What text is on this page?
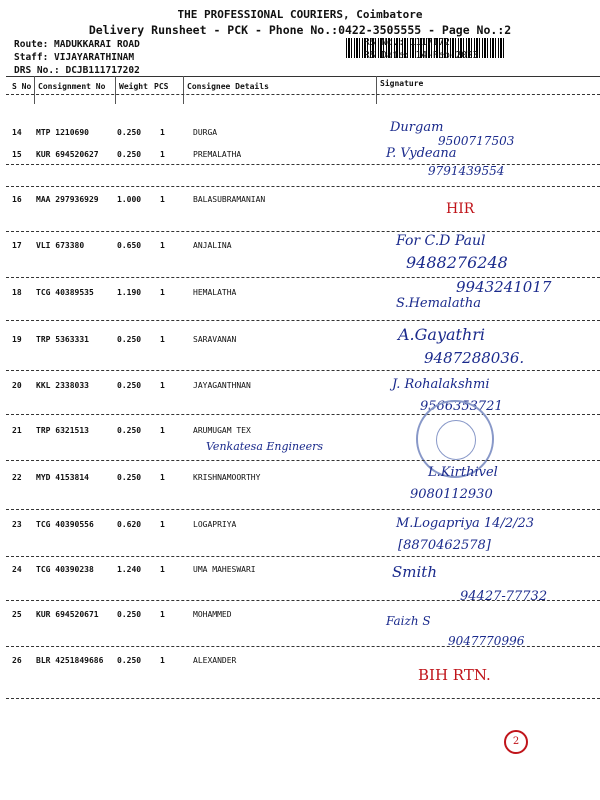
THE PROFESSIONAL COURIERS, Coimbatore
Delivery Runsheet - PCK - Phone No.:0422-3505555 - Page No.:2
Route: MADUKKARAI ROAD
Staff: VIJAYARATHINAM
DRS No.: DCJB111717202
RS No.: 1117172
RS Date: 14-Feb-2023
S No Consignment No Weight PCS Consignee Details	Signature
14 MTP 1210690	0.250 1	DURGA	Durgam
9500717503
15 KUR 694520627 0.250 1	PREMALATHA	P. Vydeana
9791439554
16 MAA 297936929 1.000 1	BALASUBRAMANIAN
HIR
17 VLI 673380	0.650 1	ANJALINA	For C.D Paul
9488276248
18 TCG 40389535	1.190 1	HEMALATHA	9943241017
S.Hemalatha
19 TRP 5363331	0.250 1	SARAVANAN	A.Gayathri
9487288036.
20 KKL 2338033	0.250 1	JAYAGANTHNAN	J. Rohalakshmi
9566353721
21 TRP 6321513	0.250 1	ARUMUGAM TEX
Venkatesa Engineers
22 MYD 4153814	0.250 1	KRISHNAMOORTHY	L.Kirthivel
9080112930
23 TCG 40390556	0.620 1	LOGAPRIYA	M.Logapriya 14/2/23
[8870462578]
24 TCG 40390238	1.240 1	UMA MAHESWARI	Smith
94427-77732
25 KUR 694520671 0.250 1	MOHAMMED	Faizh S
9047770996
26 BLR 4251849686 0.250 1	ALEXANDER
BIH RTN.
2
